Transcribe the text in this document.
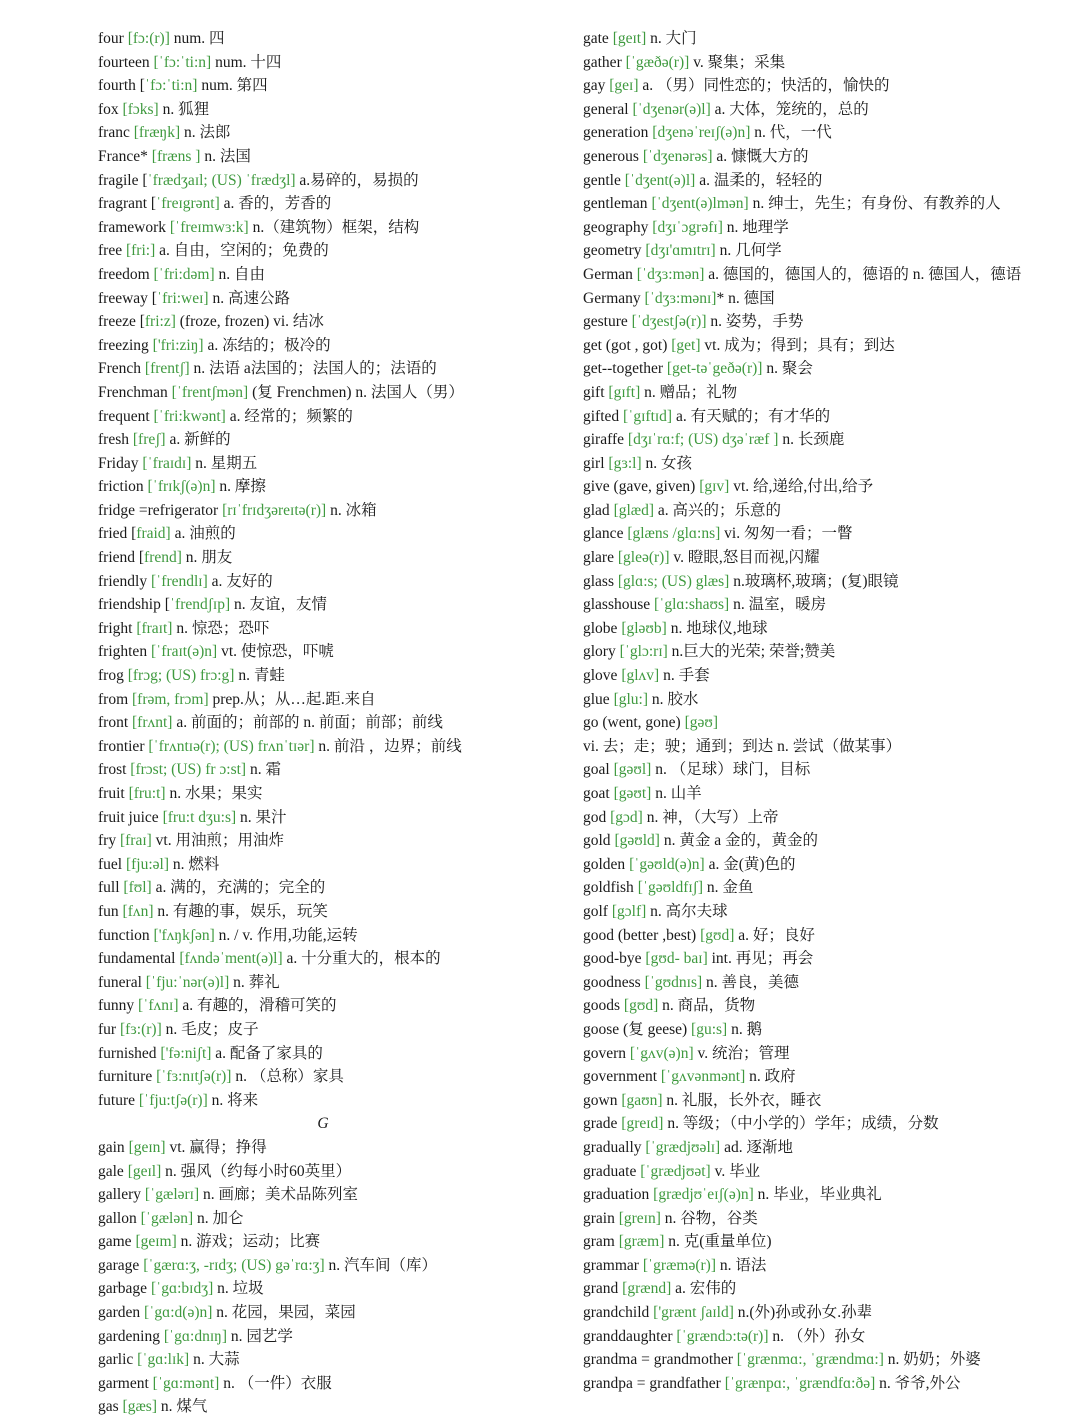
four [fɔ:(r)] num. 四
fourteen [ˈfɔ:ˈti:n] num. 十四
fourth [ˈfɔ:ˈti:n] num. 第四
fox [fɔks] n. 狐狸
franc [fræŋk] n. 法郎
France* [fræns ] n. 法国
fragile [ˈfrædʒaɪl; (US) ˈfrædʒl] a.易碎的，易损的
fragrant [ˈfreɪgrənt] a. 香的，芳香的
framework [ˈfreɪmwɜ:k] n.（建筑物）框架，结构
free [fri:] a. 自由，空闲的；免费的
freedom [ˈfri:dəm] n. 自由
freeway [ˈfri:weɪ] n. 高速公路
freeze [fri:z] (froze, frozen) vi. 结冰
freezing ['fri:ziŋ] a. 冻结的；极冷的
French [frentʃ] n. 法语 a法国的；法国人的；法语的
Frenchman [ˈfrentʃmən] (复 Frenchmen) n. 法国人（男）
frequent [ˈfri:kwənt] a. 经常的；频繁的
fresh [freʃ] a. 新鲜的
Friday [ˈfraɪdɪ] n. 星期五
friction [ˈfrɪkʃ(ə)n] n. 摩擦
fridge =refrigerator [rɪˈfrɪdʒəreɪtə(r)] n. 冰箱
fried [fraid] a. 油煎的
friend [frend] n. 朋友
friendly [ˈfrendlɪ] a. 友好的
friendship [ˈfrendʃɪp] n. 友谊，友情
fright [fraɪt] n. 惊恐；恐吓
frighten [ˈfraɪt(ə)n] vt. 使惊恐，吓唬
frog [frɔg; (US) frɔ:g] n. 青蛙
from [frəm, frɔm] prep.从；从…起.距.来自
front [frʌnt] a. 前面的；前部的 n. 前面；前部；前线
frontier [ˈfrʌntɪə(r); (US) frʌnˈtɪər] n. 前沿 ，边界；前线
frost [frɔst; (US) fr ɔ:st] n. 霜
fruit [fru:t] n. 水果；果实
fruit juice [fru:t dʒu:s] n. 果汁
fry [fraɪ] vt. 用油煎；用油炸
fuel [fju:əl] n. 燃料
full [fʊl] a. 满的，充满的；完全的
fun [fʌn] n. 有趣的事，娱乐，玩笑
function ['fʌŋkʃən] n. / v. 作用,功能,运转
fundamental [fʌndəˈment(ə)l] a. 十分重大的，根本的
funeral [ˈfju:ˈnər(ə)l] n. 葬礼
funny [ˈfʌnɪ] a. 有趣的，滑稽可笑的
fur [fɜ:(r)] n. 毛皮；皮子
furnished ['fə:niʃt] a. 配备了家具的
furniture [ˈfɜ:nɪtʃə(r)] n. （总称）家具
future [ˈfju:tʃə(r)] n. 将来
G
gain [geɪn] vt. 赢得；挣得
gale [geɪl] n. 强风（约每小时60英里）
gallery [ˈgælərɪ] n. 画廊；美术品陈列室
gallon [ˈgælən] n. 加仑
game [geɪm] n. 游戏；运动；比赛
garage [ˈgærɑ:ʒ, -rɪdʒ; (US) gəˈrɑ:ʒ] n. 汽车间（库）
garbage [ˈgɑ:bɪdʒ] n. 垃圾
garden [ˈgɑ:d(ə)n] n. 花园，果园，菜园
gardening [ˈgɑ:dnɪŋ] n. 园艺学
garlic [ˈgɑ:lɪk] n. 大蒜
garment [ˈgɑ:mənt] n. （一件）衣服
gas [gæs] n. 煤气
gate [geɪt] n. 大门
gather [ˈgæðə(r)] v. 聚集；采集
gay [geɪ] a. （男）同性恋的；快活的，愉快的
general [ˈdʒenər(ə)l] a. 大体，笼统的，总的
generation [dʒenəˈreɪʃ(ə)n] n. 代，一代
generous [ˈdʒenərəs] a. 慷慨大方的
gentle [ˈdʒent(ə)l] a. 温柔的，轻轻的
gentleman [ˈdʒent(ə)lmən] n. 绅士，先生；有身份、有教养的人
geography [dʒɪˈɔgrəfɪ] n. 地理学
geometry [dʒɪ'ɑmɪtrɪ] n. 几何学
German [ˈdʒɜ:mən] a. 德国的，德国人的，德语的 n. 德国人，德语
Germany [ˈdʒɜ:mənɪ]* n. 德国
gesture [ˈdʒestʃə(r)] n. 姿势，手势
get (got , got) [get] vt. 成为；得到；具有；到达
get--together [get-təˈgeðə(r)] n. 聚会
gift [gɪft] n. 赠品；礼物
gifted [ˈgɪftɪd] a. 有天赋的；有才华的
giraffe [dʒɪˈrɑ:f; (US) dʒəˈræf ] n. 长颈鹿
girl [gɜ:l] n. 女孩
give (gave, given) [gɪv] vt. 给,递给,付出,给予
glad [glæd] a. 高兴的；乐意的
glance [glæns /glɑ:ns] vi. 匆匆一看；一瞥
glare [gleə(r)] v. 瞪眼,怒目而视,闪耀
glass [glɑ:s; (US) glæs] n.玻璃杯,玻璃；(复)眼镜
glasshouse [ˈglɑ:shaʊs] n. 温室，暖房
globe [gləʊb] n. 地球仪,地球
glory [ˈglɔ:rɪ] n.巨大的光荣; 荣誉;赞美
glove [glʌv] n. 手套
glue [glu:] n. 胶水
go (went, gone) [gəʊ] vi. 去；走；驶；通到；到达 n. 尝试（做某事）
goal [gəʊl] n. （足球）球门，目标
goat [gəʊt] n. 山羊
god [gɔd] n. 神，（大写）上帝
gold [gəʊld] n. 黄金 a 金的，黄金的
golden [ˈgəʊld(ə)n] a. 金(黄)色的
goldfish [ˈgəʊldfɪʃ] n. 金鱼
golf [gɔlf] n. 高尔夫球
good (better ,best) [gʊd] a. 好；良好
good-bye [gʊd- baɪ] int. 再见；再会
goodness [ˈgʊdnɪs] n. 善良，美德
goods [gʊd] n. 商品，货物
goose (复 geese) [gu:s] n. 鹅
govern [ˈgʌv(ə)n] v. 统治；管理
government [ˈgʌvənmənt] n. 政府
gown [gaʊn] n. 礼服，长外衣，睡衣
grade [greɪd] n. 等级；（中小学的）学年；成绩，分数
gradually [ˈgrædjʊəlɪ] ad. 逐渐地
graduate [ˈgrædjʊət] v. 毕业
graduation [grædjʊˈeɪʃ(ə)n] n. 毕业，毕业典礼
grain [greɪn] n. 谷物，谷类
gram [græm] n. 克(重量单位)
grammar [ˈgræmə(r)] n. 语法
grand [grænd] a. 宏伟的
grandchild ['grænt ʃaɪld] n.(外)孙或孙女.孙辈
granddaughter [ˈgrændɔ:tə(r)] n. （外）孙女
grandma = grandmother [ˈgrænmɑ:, ˈgrændmɑ:] n. 奶奶；外婆
grandpa = grandfather [ˈgrænpɑ:, ˈgrændfɑ:ðə] n. 爷爷,外公
